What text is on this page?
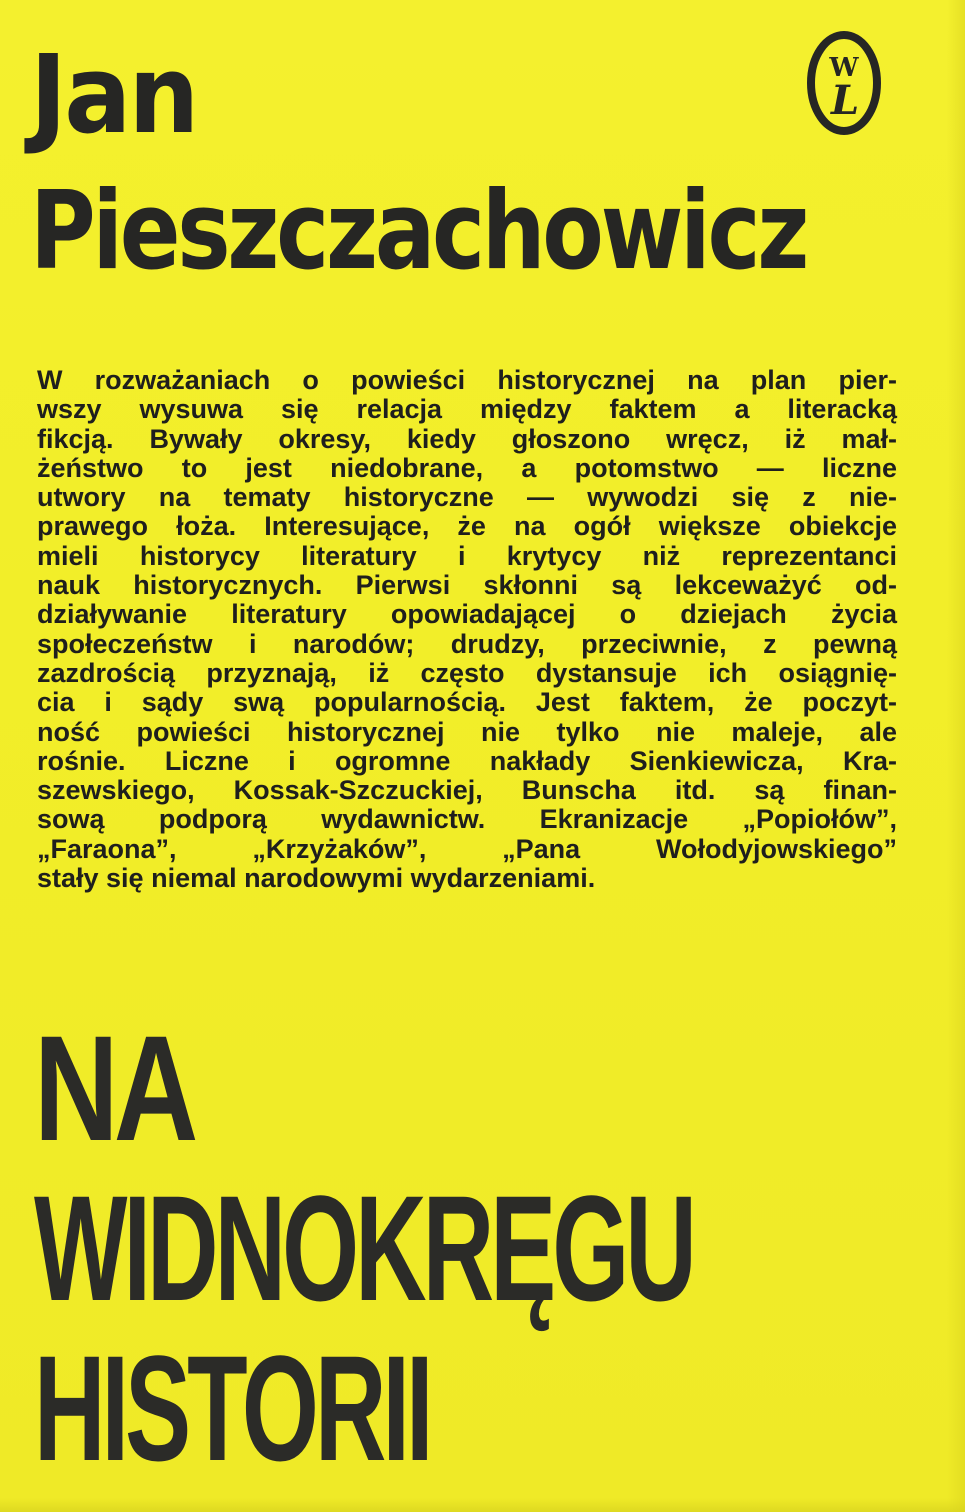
Jan
Pieszczachowicz
W
L
W rozważaniach o powieści historycznej na plan pier-
wszy wysuwa się relacja między faktem a literacką
fikcją. Bywały okresy, kiedy głoszono wręcz, iż mał-
żeństwo to jest niedobrane, a potomstwo — liczne
utwory na tematy historyczne — wywodzi się z nie-
prawego łoża. Interesujące, że na ogół większe obiekcje
mieli historycy literatury i krytycy niż reprezentanci
nauk historycznych. Pierwsi skłonni są lekceważyć od-
działywanie literatury opowiadającej o dziejach życia
społeczeństw i narodów; drudzy, przeciwnie, z pewną
zazdrością przyznają, iż często dystansuje ich osiągnię-
cia i sądy swą popularnością. Jest faktem, że poczyt-
ność powieści historycznej nie tylko nie maleje, ale
rośnie. Liczne i ogromne nakłady Sienkiewicza, Kra-
szewskiego, Kossak-Szczuckiej, Bunscha itd. są finan-
sową podporą wydawnictw. Ekranizacje „Popiołów”,
„Faraona”, „Krzyżaków”, „Pana Wołodyjowskiego”
stały się niemal narodowymi wydarzeniami.
NA
WIDNOKRĘGU
HISTORII
